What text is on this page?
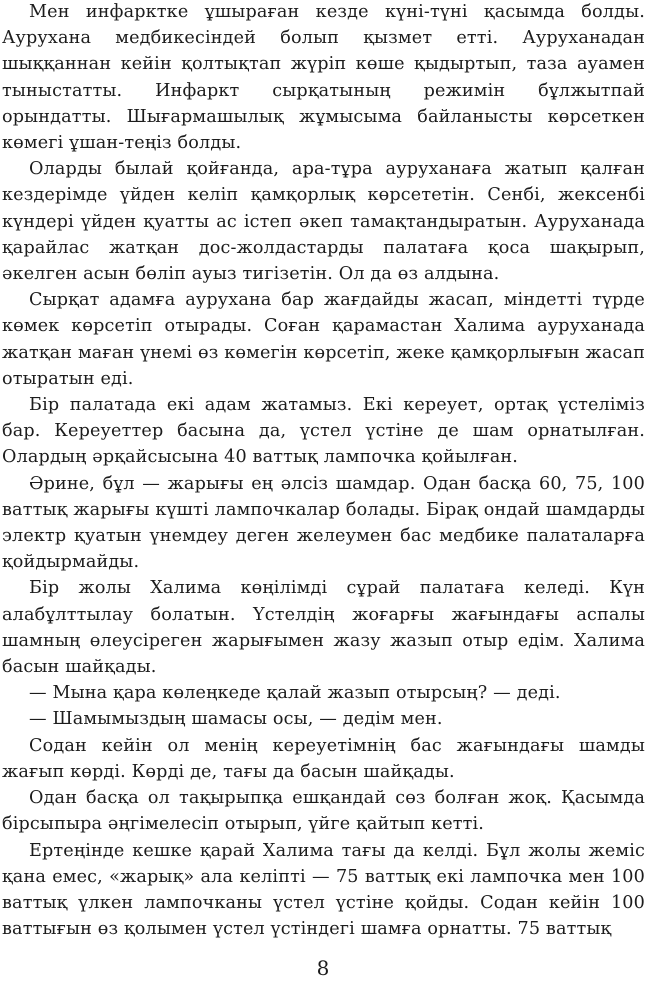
Мен инфарктке ұшыраған кезде күні-түні қасымда болды. Аурухана медбикесіндей болып қызмет етті. Ауруханадан шыққаннан кейін қолтықтап жүріп көше қыдыртып, таза ауамен тыныстатты. Инфаркт сырқатының режимін бұлжытпай орындатты. Шығармашылық жұмысыма байланысты көрсеткен көмегі ұшан-теңіз болды.

Оларды былай қойғанда, ара-тұра ауруханаға жатып қалған кездерімде үйден келіп қамқорлық көрсететін. Сенбі, жексенбі күндері үйден қуатты ас істеп әкеп тамақтандыратын. Ауруханада қарайлас жатқан дос-жолдастарды палатаға қоса шақырып, әкелген асын бөліп ауыз тигізетін. Ол да өз алдына.

Сырқат адамға аурухана бар жағдайды жасап, міндетті түрде көмек көрсетіп отырады. Соған қарамастан Халима ауруханада жатқан маған үнемі өз көмегін көрсетіп, жеке қамқорлығын жасап отыратын еді.

Бір палатада екі адам жатамыз. Екі кереует, ортақ үстеліміз бар. Кереуеттер басына да, үстел үстіне де шам орнатылған. Олардың әрқайсысына 40 ваттық лампочка қойылған.

Әрине, бұл — жарығы ең әлсіз шамдар. Одан басқа 60, 75, 100 ваттық жарығы күшті лампочкалар болады. Бірақ ондай шамдарды электр қуатын үнемдеу деген желеумен бас медбике палаталарға қойдырмайды.

Бір жолы Халима көңілімді сұрай палатаға келеді. Күн алабұлттылау болатын. Үстелдің жоғарғы жағындағы аспалы шамның өлеусіреген жарығымен жазу жазып отыр едім. Халима басын шайқады.

— Мына қара көлеңкеде қалай жазып отырсың? — деді.

— Шамымыздың шамасы осы, — дедім мен.

Содан кейін ол менің кереуетімнің бас жағындағы шамды жағып көрді. Көрді де, тағы да басын шайқады.

Одан басқа ол тақырыпқа ешқандай сөз болған жоқ. Қасымда бірсыпыра әңгімелесіп отырып, үйге қайтып кетті.

Ертеңінде кешке қарай Халима тағы да келді. Бұл жолы жеміс қана емес, «жарық» ала келіпті — 75 ваттық екі лампочка мен 100 ваттық үлкен лампочканы үстел үстіне қойды. Содан кейін 100 ваттығын өз қолымен үстел үстіндегі шамға орнатты. 75 ваттық

8
